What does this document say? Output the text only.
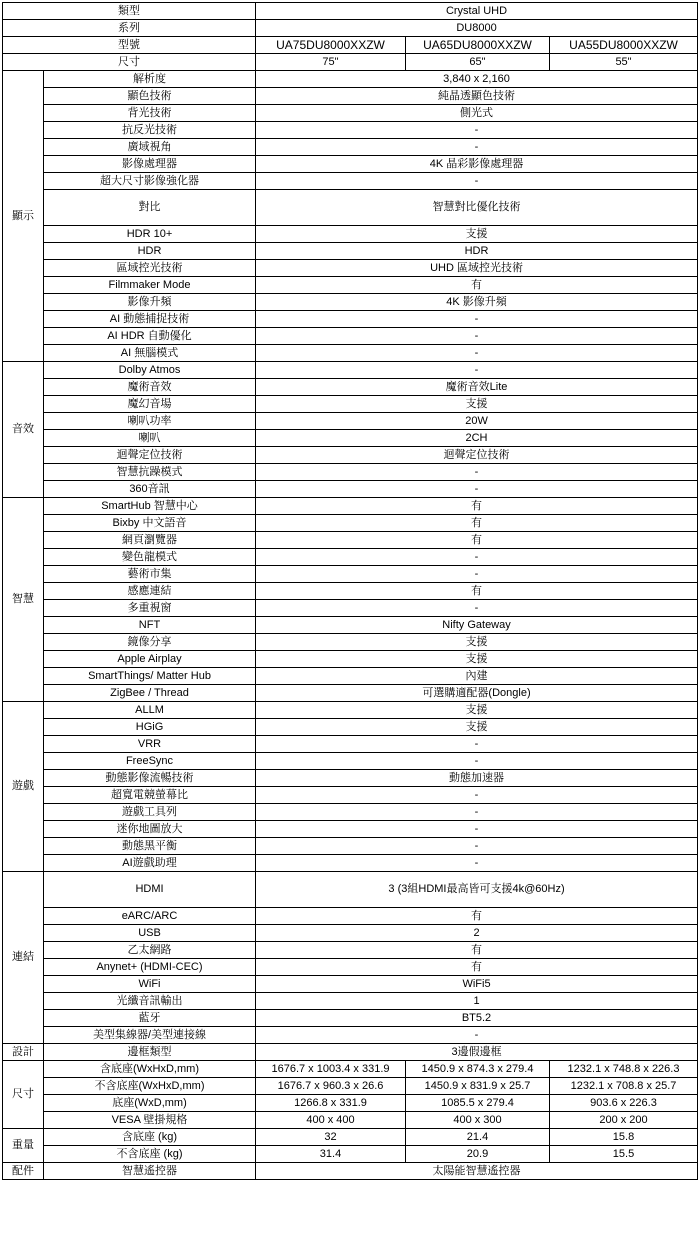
類型		Crystal UHD		
系列		DU8000		
型號		UA75DU8000XXZW	UA65DU8000XXZW	UA55DU8000XXZW
尺寸		75"	65"	55"
顯示	解析度	3,840 x 2,160		
	顯色技術	純晶透顯色技術		
	背光技術	側光式		
	抗反光技術	-		
	廣域視角	-		
	影像處理器	4K 晶彩影像處理器		
	超大尺寸影像強化器	-		
	對比	智慧對比優化技術		
	HDR 10+	支援		
	HDR	HDR		
	區域控光技術	UHD 區域控光技術		
	Filmmaker Mode	有		
	影像升頻	4K 影像升頻		
	AI 動態捕捉技術	-		
	AI HDR 自動優化	-		
	AI 無腦模式	-		
音效	Dolby Atmos	-		
	魔術音效	魔術音效Lite		
	魔幻音場	支援		
	喇叭功率	20W		
	喇叭	2CH		
	迴聲定位技術	迴聲定位技術		
	智慧抗躁模式	-		
	360音訊	-		
智慧	SmartHub 智慧中心	有		
	Bixby 中文語音	有		
	網頁瀏覽器	有		
	變色龍模式	-		
	藝術市集	-		
	感應連結	有		
	多重視窗	-		
	NFT	Nifty Gateway		
	鏡像分享	支援		
	Apple Airplay	支援		
	SmartThings/ Matter Hub	內建		
	ZigBee / Thread	可選購適配器(Dongle)		
遊戲	ALLM	支援		
	HGiG	支援		
	VRR	-		
	FreeSync	-		
	動態影像流暢技術	動態加速器		
	超寬電競螢幕比	-		
	遊戲工具列	-		
	迷你地圖放大	-		
	動態黑平衡	-		
	AI遊戲助理	-		
連結	HDMI	3 (3組HDMI最高皆可支援4k@60Hz)		
	eARC/ARC	有		
	USB	2		
	乙太網路	有		
	Anynet+ (HDMI-CEC)	有		
	WiFi	WiFi5		
	光纖音訊輸出	1		
	藍牙	BT5.2		
	美型集線器/美型連接線	-		
設計	邊框類型	3邊假邊框		
尺寸	含底座(WxHxD,mm)	1676.7 x 1003.4 x 331.9	1450.9 x 874.3 x 279.4	1232.1 x 748.8 x 226.3
	不含底座(WxHxD,mm)	1676.7 x 960.3 x 26.6	1450.9 x 831.9 x 25.7	1232.1 x 708.8 x 25.7
	底座(WxD,mm)	1266.8 x 331.9	1085.5 x 279.4	903.6 x 226.3
	VESA 壁掛規格	400 x 400	400 x 300	200 x 200
重量	含底座 (kg)	32	21.4	15.8
	不含底座 (kg)	31.4	20.9	15.5
配件	智慧遙控器	太陽能智慧遙控器		
